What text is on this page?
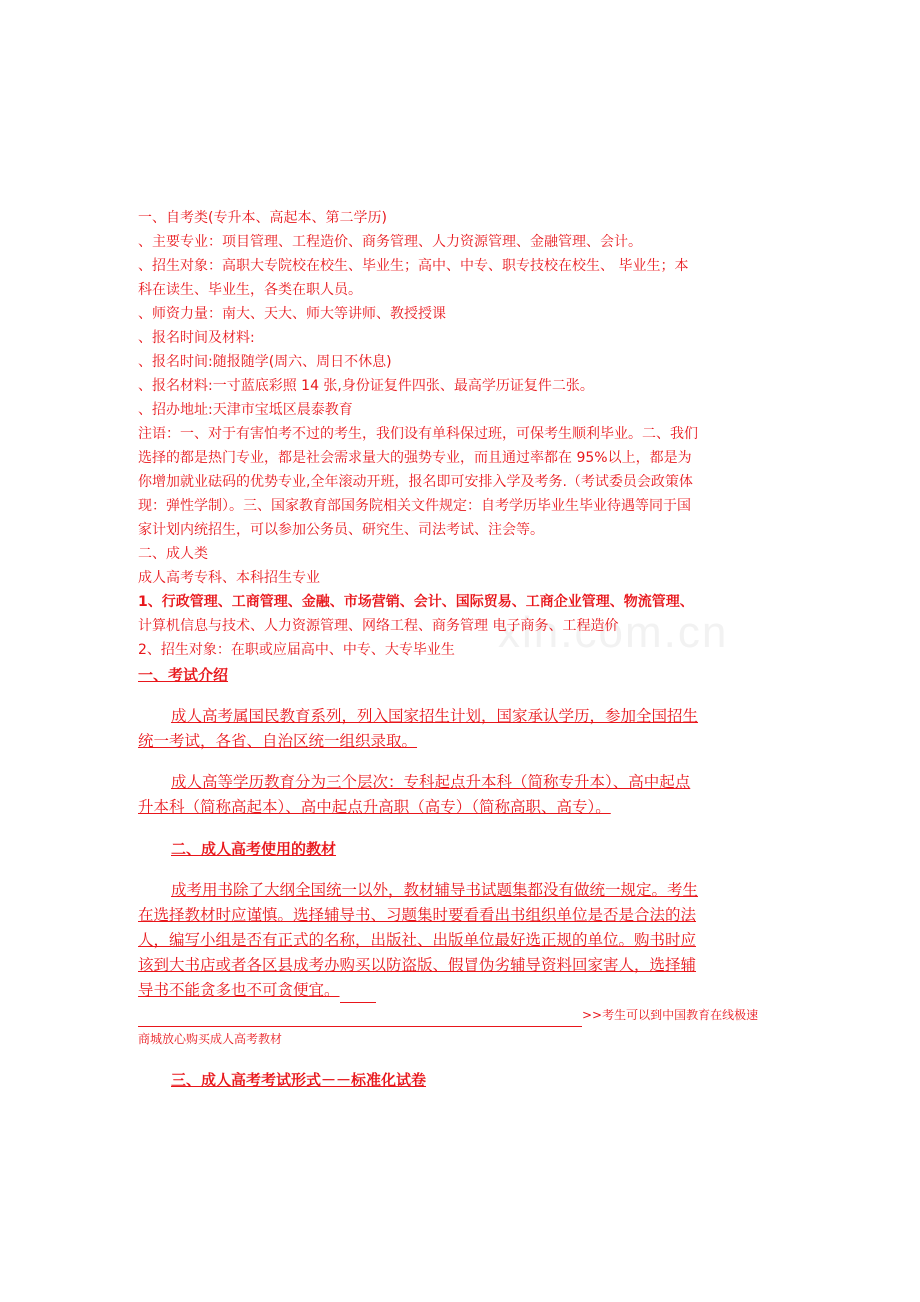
xin.com.cn
一、自考类(专升本、高起本、第二学历)
、主要专业：项目管理、工程造价、商务管理、人力资源管理、金融管理、会计。
、招生对象：高职大专院校在校生、毕业生；高中、中专、职专技校在校生、 毕业生；本
科在读生、毕业生，各类在职人员。
、师资力量：南大、天大、师大等讲师、教授授课
、报名时间及材料:
、报名时间:随报随学(周六、周日不休息)
、报名材料:一寸蓝底彩照 14 张,身份证复件四张、最高学历证复件二张。
、招办地址:天津市宝坻区晨泰教育
注语：一、对于有害怕考不过的考生，我们设有单科保过班，可保考生顺利毕业。二、我们
选择的都是热门专业，都是社会需求量大的强势专业，而且通过率都在 95%以上，都是为
你增加就业砝码的优势专业,全年滚动开班，报名即可安排入学及考务.（考试委员会政策体
现：弹性学制）。三、国家教育部国务院相关文件规定：自考学历毕业生毕业待遇等同于国
家计划内统招生，可以参加公务员、研究生、司法考试、注会等。
二、成人类
成人高考专科、本科招生专业
1、行政管理、工商管理、金融、市场营销、会计、国际贸易、工商企业管理、物流管理、
计算机信息与技术、人力资源管理、网络工程、商务管理 电子商务、工程造价
2、招生对象：在职或应届高中、中专、大专毕业生
一、考试介绍
成人高考属国民教育系列，列入国家招生计划，国家承认学历，参加全国招生
统一考试，各省、自治区统一组织录取。
成人高等学历教育分为三个层次：专科起点升本科（简称专升本）、高中起点
升本科（简称高起本）、高中起点升高职（高专）（简称高职、高专）。
二、成人高考使用的教材
成考用书除了大纲全国统一以外，教材辅导书试题集都没有做统一规定。考生
在选择教材时应谨慎。选择辅导书、习题集时要看看出书组织单位是否是合法的法
人，编写小组是否有正式的名称，出版社、出版单位最好选正规的单位。购书时应
该到大书店或者各区县成考办购买以防盗版、假冒伪劣辅导资料回家害人，选择辅
导书不能贪多也不可贪便宜。
>>考生可以到中国教育在线极速
商城放心购买成人高考教材
三、成人高考考试形式－－标准化试卷
